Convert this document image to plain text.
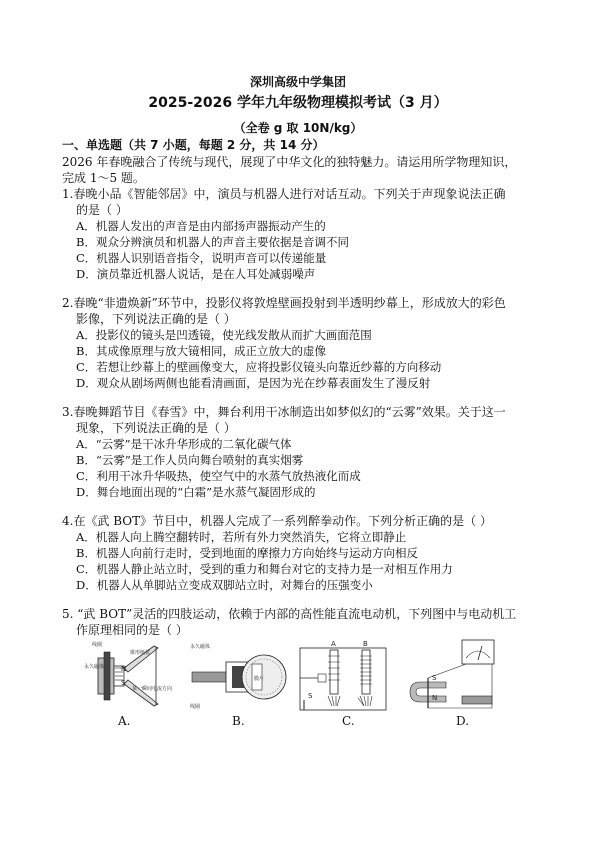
深圳高级中学集团
2025-2026 学年九年级物理模拟考试（3 月）
（全卷 g 取 10N/kg）
一、单选题（共 7 小题，每题 2 分，共 14 分）
2026 年春晚融合了传统与现代，展现了中华文化的独特魅力。请运用所学物理知识，
完成 1～5 题。
1.春晚小品《智能邻居》中，演员与机器人进行对话互动。下列关于声现象说法正确
的是（ ）
A．机器人发出的声音是由内部扬声器振动产生的
B．观众分辨演员和机器人的声音主要依据是音调不同
C．机器人识别语音指令，说明声音可以传递能量
D．演员靠近机器人说话，是在人耳处减弱噪声
2.春晚“非遗焕新”环节中，投影仪将敦煌壁画投射到半透明纱幕上，形成放大的彩色
影像，下列说法正确的是（ ）
A．投影仪的镜头是凹透镜，使光线发散从而扩大画面范围
B．其成像原理与放大镜相同，成正立放大的虚像
C．若想让纱幕上的壁画像变大，应将投影仪镜头向靠近纱幕的方向移动
D．观众从剧场两侧也能看清画面，是因为光在纱幕表面发生了漫反射
3.春晚舞蹈节目《春雪》中，舞台利用干冰制造出如梦似幻的“云雾”效果。关于这一
现象，下列说法正确的是（ ）
A．“云雾”是干冰升华形成的二氧化碳气体
B．“云雾”是工作人员向舞台喷射的真实烟雾
C．利用干冰升华吸热，使空气中的水蒸气放热液化而成
D．舞台地面出现的“白霜”是水蒸气凝固形成的
4.在《武 BOT》节目中，机器人完成了一系列醉拳动作。下列分析正确的是（ ）
A．机器人向上腾空翻转时，若所有外力突然消失，它将立即静止
B．机器人向前行走时，受到地面的摩擦力方向始终与运动方向相反
C．机器人静止站立时，受到的重力和舞台对它的支持力是一对相互作用力
D．机器人从单脚站立变成双脚站立时，对舞台的压强变小
5. “武 BOT”灵活的四肢运动，依赖于内部的高性能直流电动机，下列图中与电动机工
作原理相同的是（ ）
线圈
永久磁体
锥形纸盆
某一瞬间电流方向
N
S
A.
永久磁体
线圈
膜片
B.
A	B
S
C.
S
N
D.
